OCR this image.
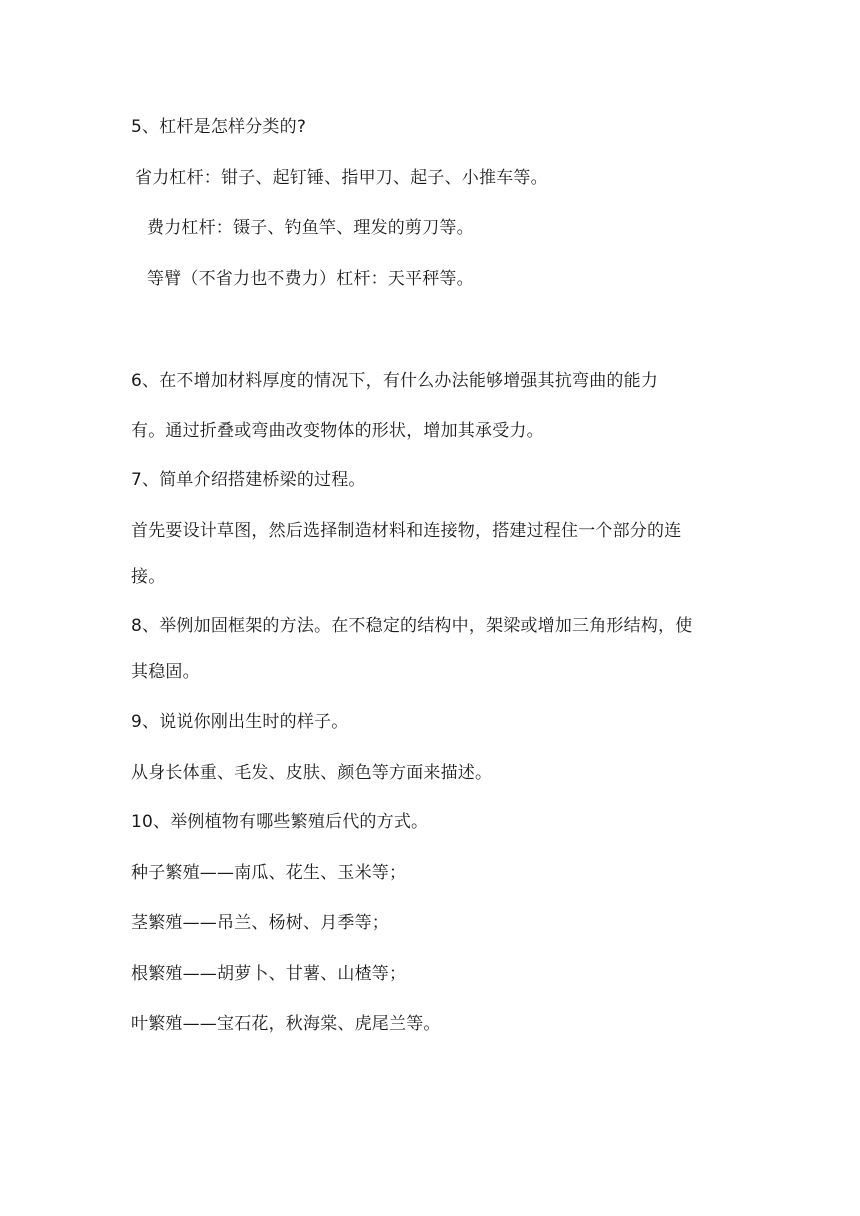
5、杠杆是怎样分类的?
省力杠杆：钳子、起钉锤、指甲刀、起子、小推车等。
费力杠杆：镊子、钓鱼竿、理发的剪刀等。
等臂（不省力也不费力）杠杆：天平秤等。
6、在不增加材料厚度的情况下，有什么办法能够增强其抗弯曲的能力
有。通过折叠或弯曲改变物体的形状，增加其承受力。
7、简单介绍搭建桥梁的过程。
首先要设计草图，然后选择制造材料和连接物，搭建过程住一个部分的连
接。
8、举例加固框架的方法。在不稳定的结构中，架梁或增加三角形结构，使
其稳固。
9、说说你刚出生时的样子。
从身长体重、毛发、皮肤、颜色等方面来描述。
10、举例植物有哪些繁殖后代的方式。
种子繁殖——南瓜、花生、玉米等；
茎繁殖——吊兰、杨树、月季等；
根繁殖——胡萝卜、甘薯、山楂等；
叶繁殖——宝石花，秋海棠、虎尾兰等。
